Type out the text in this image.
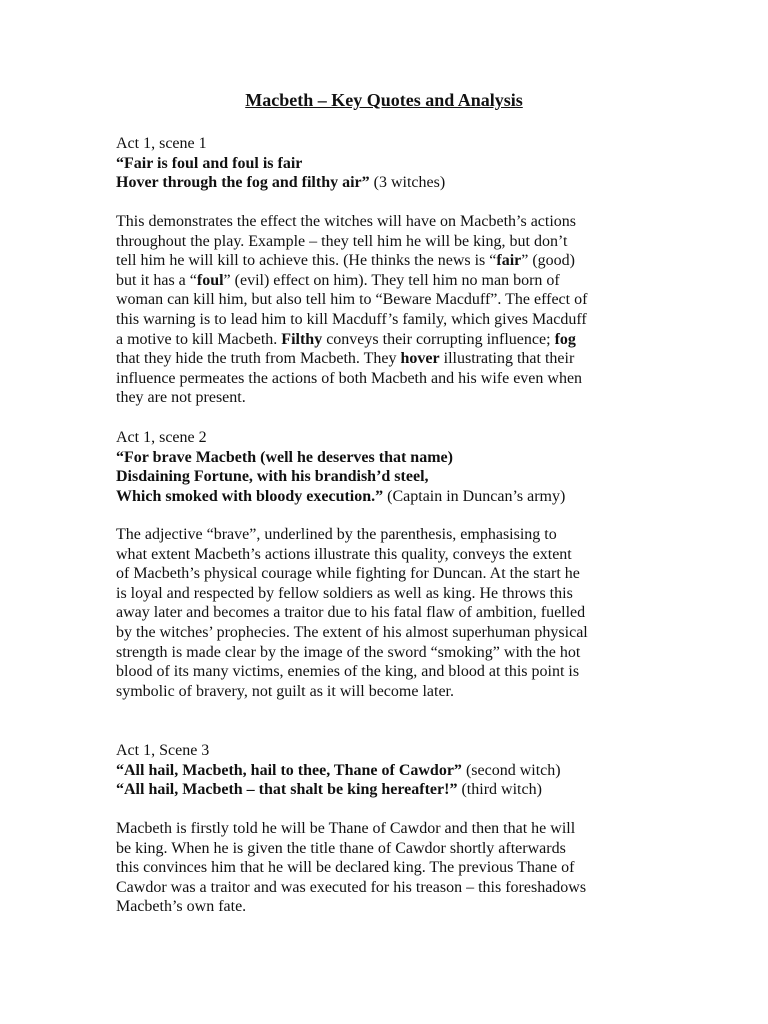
Macbeth – Key Quotes and Analysis
Act 1, scene 1
“Fair is foul and foul is fair
Hover through the fog and filthy air” (3 witches)
This demonstrates the effect the witches will have on Macbeth’s actions
throughout the play. Example – they tell him he will be king, but don’t
tell him he will kill to achieve this. (He thinks the news is “fair” (good)
but it has a “foul” (evil) effect on him). They tell him no man born of
woman can kill him, but also tell him to “Beware Macduff”. The effect of
this warning is to lead him to kill Macduff’s family, which gives Macduff
a motive to kill Macbeth. Filthy conveys their corrupting influence; fog
that they hide the truth from Macbeth. They hover illustrating that their
influence permeates the actions of both Macbeth and his wife even when
they are not present.
Act 1, scene 2
“For brave Macbeth (well he deserves that name)
Disdaining Fortune, with his brandish’d steel,
Which smoked with bloody execution.” (Captain in Duncan’s army)
The adjective “brave”, underlined by the parenthesis, emphasising to
what extent Macbeth’s actions illustrate this quality, conveys the extent
of Macbeth’s physical courage while fighting for Duncan. At the start he
is loyal and respected by fellow soldiers as well as king. He throws this
away later and becomes a traitor due to his fatal flaw of ambition, fuelled
by the witches’ prophecies. The extent of his almost superhuman physical
strength is made clear by the image of the sword “smoking” with the hot
blood of its many victims, enemies of the king, and blood at this point is
symbolic of bravery, not guilt as it will become later.
Act 1, Scene 3
“All hail, Macbeth, hail to thee, Thane of Cawdor” (second witch)
“All hail, Macbeth – that shalt be king hereafter!” (third witch)
Macbeth is firstly told he will be Thane of Cawdor and then that he will
be king. When he is given the title thane of Cawdor shortly afterwards
this convinces him that he will be declared king. The previous Thane of
Cawdor was a traitor and was executed for his treason – this foreshadows
Macbeth’s own fate.
